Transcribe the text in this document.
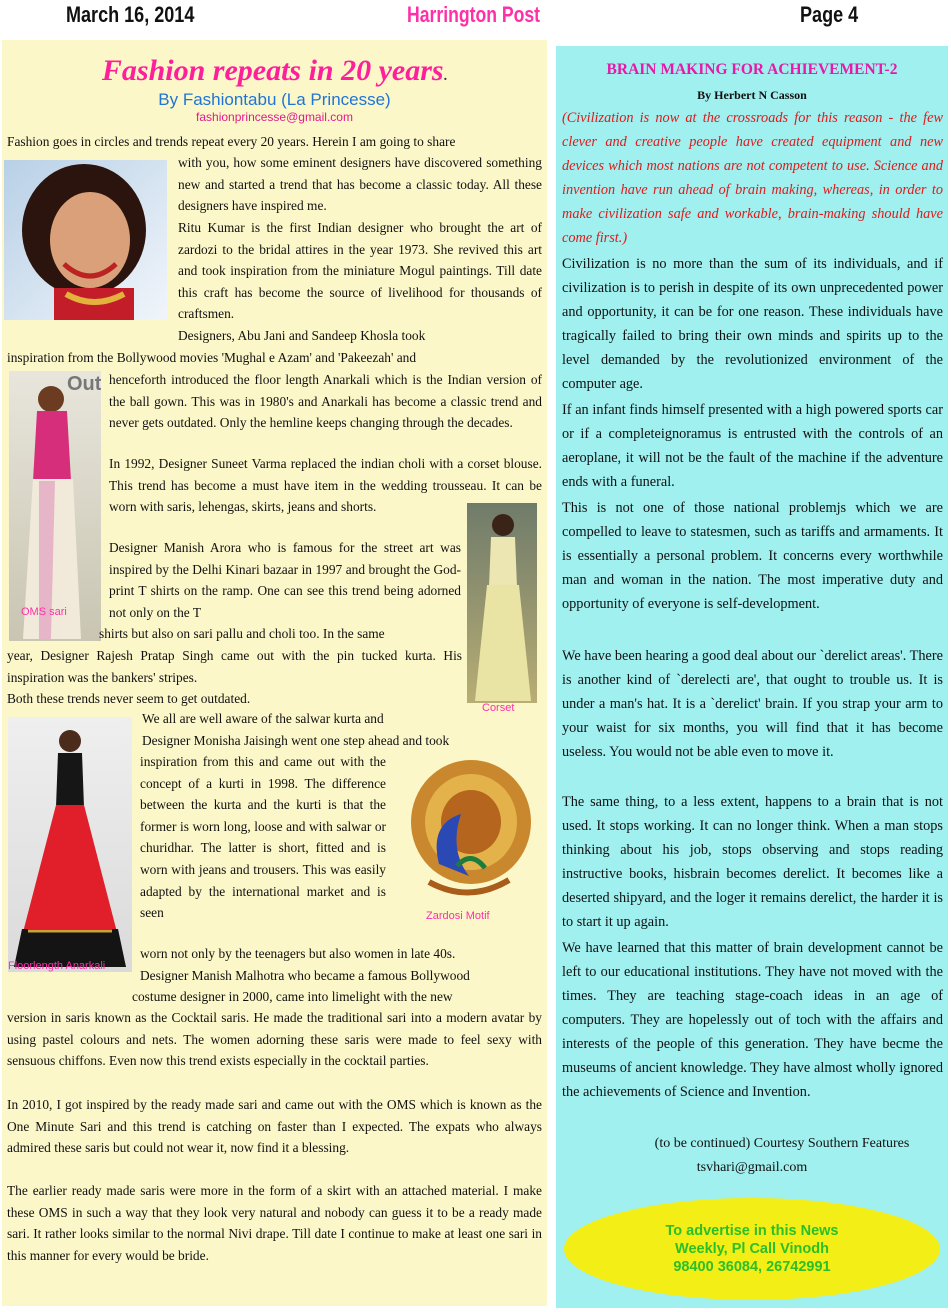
March 16, 2014	Harrington Post	Page 4
Fashion repeats in 20 years.
By Fashiontabu (La Princesse)
fashionprincesse@gmail.com

Fashion goes in circles and trends repeat every 20 years. Herein I am going to share

with you, how some eminent designers have discovered something new and started a trend that has become a classic today. All these designers have inspired me.

Ritu Kumar is the first Indian designer who brought the art of zardozi to the bridal attires in the year 1973. She revived this art and took inspiration from the miniature Mogul paintings. Till date this craft has become the source of livelihood for thousands of craftsmen.

Designers, Abu Jani and Sandeep Khosla took

inspiration from the Bollywood movies 'Mughal e Azam' and 'Pakeezah' and

Out
OMS sari

henceforth introduced the floor length Anarkali which is the Indian version of the ball gown. This was in 1980's and Anarkali has become a classic trend and never gets outdated. Only the hemline keeps changing through the decades.

In 1992, Designer Suneet Varma replaced the indian choli with a corset blouse. This trend has become a must have item in the wedding trousseau. It can be worn with saris, lehengas, skirts, jeans and shorts.

Corset

Designer Manish Arora who is famous for the street art was inspired by the Delhi Kinari bazaar in 1997 and brought the God-print T shirts on the ramp. One can see this trend being adorned not only on the T

shirts but also on sari pallu and choli too. In the same

year, Designer Rajesh Pratap Singh came out with the pin tucked kurta. His inspiration was the bankers' stripes.

Both these trends never seem to get outdated.

Floorlength Anarkali

We all are well aware of the salwar kurta and

Designer Monisha Jaisingh went one step ahead and took

inspiration from this and came out with the concept of a kurti in 1998. The difference between the kurta and the kurti is that the former is worn long, loose and with salwar or churidhar. The latter is short, fitted and is worn with jeans and trousers. This was easily adapted by the international market and is seen	Zardosi Motif

worn not only by the teenagers but also women in late 40s.

Designer Manish Malhotra who became a famous Bollywood

costume designer in 2000, came into limelight with the new

version in saris known as the Cocktail saris. He made the traditional sari into a modern avatar by using pastel colours and nets. The women adorning these saris were made to feel sexy with sensuous chiffons. Even now this trend exists especially in the cocktail parties.

In 2010, I got inspired by the ready made sari and came out with the OMS which is known as the One Minute Sari and this trend is catching on faster than I expected. The expats who always admired these saris but could not wear it, now find it a blessing.

The earlier ready made saris were more in the form of a skirt with an attached material. I make these OMS in such a way that they look very natural and nobody can guess it to be a ready made sari. It rather looks similar to the normal Nivi drape. Till date I continue to make at least one sari in this manner for every would be bride.

BRAIN MAKING FOR ACHIEVEMENT-2
By Herbert N Casson

(Civilization is now at the crossroads for this reason - the few clever and creative people have created equipment and new devices which most nations are not competent to use. Science and invention have run ahead of brain making, whereas, in order to make civilization safe and workable, brain-making should have come first.)

Civilization is no more than the sum of its individuals, and if civilization is to perish in despite of its own unprecedented power and opportunity, it can be for one reason. These individuals have tragically failed to bring their own minds and spirits up to the level demanded by the revolutionized environment of the computer age.

If an infant finds himself presented with a high powered sports car or if a completeignoramus is entrusted with the controls of an aeroplane, it will not be the fault of the machine if the adventure ends with a funeral.

This is not one of those national problemjs which we are compelled to leave to statesmen, such as tariffs and armaments. It is essentially a personal problem. It concerns every worthwhile man and woman in the nation. The most imperative duty and opportunity of everyone is self-development.

We have been hearing a good deal about our `derelict areas'. There is another kind of `derelecti are', that ought to trouble us. It is under a man's hat. It is a `derelict' brain. If you strap your arm to your waist for six months, you will find that it has become useless. You would not be able even to move it.

The same thing, to a less extent, happens to a brain that is not used. It stops working. It can no longer think. When a man stops thinking about his job, stops observing and stops reading instructive books, hisbrain becomes derelict. It becomes like a deserted shipyard, and the loger it remains derelict, the harder it is to start it up again.

We have learned that this matter of brain development cannot be left to our educational institutions. They have not moved with the times. They are teaching stage-coach ideas in an age of computers. They are hopelessly out of toch with the affairs and interests of the people of this generation. They have becme the museums of ancient knowledge. They have almost wholly ignored the achievements of Science and Invention.

(to be continued) Courtesy Southern Features
tsvhari@gmail.com
To advertise in this News
Weekly, Pl Call Vinodh
98400 36084, 26742991
